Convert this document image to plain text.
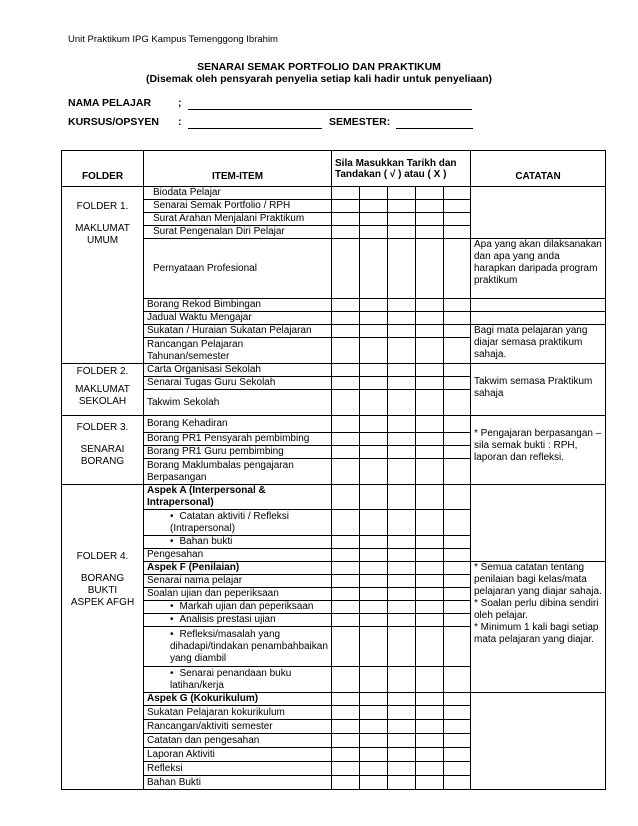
Unit Praktikum IPG Kampus Temenggong Ibrahim
SENARAI SEMAK PORTFOLIO DAN PRAKTIKUM
(Disemak oleh pensyarah penyelia setiap kali hadir untuk penyeliaan)
NAMA PELAJAR	;
KURSUS/OPSYEN :	SEMESTER:
FOLDER	ITEM-ITEM	Sila Masukkan Tarikh dan
Tandakan ( √ ) atau ( X )					CATATAN

FOLDER 1.

MAKLUMAT

UMUM	Biodata Pelajar						
	Senarai Semak Portfolio / RPH						
	Surat Arahan Menjalani Praktikum						
	Surat Pengenalan Diri Pelajar						
	Pernyataan Profesional						Apa yang akan dilaksanakan dan apa yang anda harapkan daripada program praktikum
	Borang Rekod Bimbingan						
	Jadual Waktu Mengajar						
	Sukatan / Huraian Sukatan Pelajaran						Bagi mata pelajaran yang diajar semasa praktikum sahaja.
	Rancangan Pelajaran Tahunan/semester						

FOLDER 2.

MAKLUMAT

SEKOLAH	Carta Organisasi Sekolah						Takwim semasa Praktikum sahaja
	Senarai Tugas Guru Sekolah						
	Takwim Sekolah						

FOLDER 3.

SENARAI

BORANG	Borang Kehadiran						* Pengajaran berpasangan – sila semak bukti : RPH, laporan dan refleksi.
	Borang PR1 Pensyarah pembimbing						
	Borang PR1 Guru pembimbing						
	Borang Maklumbalas pengajaran Berpasangan						

FOLDER 4.

BORANG

BUKTI

ASPEK AFGH	Aspek A (Interpersonal & Intrapersonal)						
	• Catatan aktiviti / Refleksi (Intrapersonal)					
	• Bahan bukti					
	Pengesahan						
	Aspek F (Penilaian)						* Semua catatan tentang penilaian bagi kelas/mata pelajaran yang diajar sahaja.
* Soalan perlu dibina sendiri oleh pelajar.
* Minimum 1 kali bagi setiap mata pelajaran yang diajar.

	Senarai nama pelajar						
	Soalan ujian dan peperiksaan						
	• Markah ujian dan peperiksaan					
	• Analisis prestasi ujian					
	• Refleksi/masalah yang dihadapi/tindakan penambahbaikan yang diambil					
	• Senarai penandaan buku latihan/kerja					
	Aspek G (Kokurikulum)						
	Sukatan Pelajaran kokurikulum						
	Rancangan/aktiviti semester						
	Catatan dan pengesahan						
	Laporan Aktiviti						
	Refleksi						
	Bahan Bukti						
